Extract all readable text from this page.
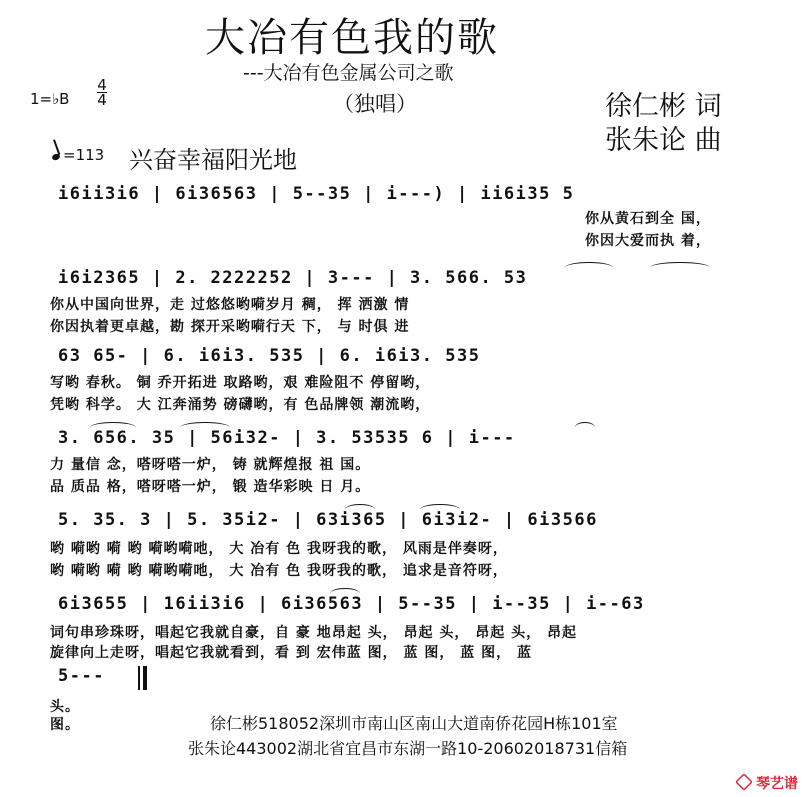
大冶有色我的歌
---大冶有色金属公司之歌
（独唱）
1=♭B
4
4
=113 兴奋幸福阳光地
徐仁彬 词
张朱论 曲
i6ii3i6 | 6i36563 | 5--35 | i---) | ii6i35 5
你从黄石到全 国，
你因大爱而执 着，
i6i2365 | 2. 2222252 | 3--- | 3. 566. 53
你从中国向世界，走 过悠悠哟嗬岁月 稠， 挥 洒激 情
你因执着更卓越，勘 探开采哟嗬行天 下， 与 时俱 进
63 65- | 6. i6i3. 535 | 6. i6i3. 535
写哟 春秋。 铜 乔开拓进 取路哟，艰 难险阻不 停留哟，
凭哟 科学。 大 江奔涌势 磅礴哟，有 色品牌领 潮流哟，
3. 656. 35 | 56i32- | 3. 53535 6 | i---
力 量信 念，嗒呀嗒一炉， 铸 就辉煌报 祖 国。
品 质品 格，嗒呀嗒一炉， 锻 造华彩映 日 月。
5. 35. 3 | 5. 35i2- | 63i365 | 6i3i2- | 6i3566
哟 嗬哟 嗬 哟 嗬哟嗬吔， 大 冶有 色 我呀我的歌， 风雨是伴奏呀，
哟 嗬哟 嗬 哟 嗬哟嗬吔， 大 冶有 色 我呀我的歌， 追求是音符呀，
6i3655 | 16ii3i6 | 6i36563 | 5--35 | i--35 | i--63
词句串珍珠呀，唱起它我就自豪，自 豪 地昂起 头， 昂起 头， 昂起 头， 昂起
旋律向上走呀，唱起它我就看到，看 到 宏伟蓝 图， 蓝 图， 蓝 图， 蓝
5---
头。
图。	徐仁彬518052深圳市南山区南山大道南侨花园H栋101室
张朱论443002湖北省宜昌市东湖一路10-20602018731信箱
琴艺谱
